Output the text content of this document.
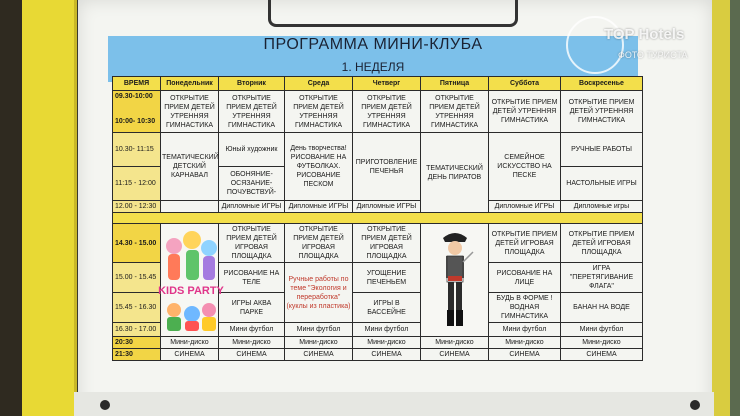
ПРОГРАММА МИНИ-КЛУБА
1. НЕДЕЛЯ
ВРЕМЯ	Понедельник	Вторник	Среда	Четверг	Пятница	Суббота	Воскресенье

09.30-10:00
10:00- 10:30	ОТКРЫТИЕ ПРИЕМ ДЕТЕЙ УТРЕННЯЯ ГИМНАСТИКА	ОТКРЫТИЕ ПРИЕМ ДЕТЕЙ УТРЕННЯЯ ГИМНАСТИКА	ОТКРЫТИЕ ПРИЕМ ДЕТЕЙ УТРЕННЯЯ ГИМНАСТИКА	ОТКРЫТИЕ ПРИЕМ ДЕТЕЙ УТРЕННЯЯ ГИМНАСТИКА	ОТКРЫТИЕ ПРИЕМ ДЕТЕЙ УТРЕННЯЯ ГИМНАСТИКА	ОТКРЫТИЕ ПРИЕМ ДЕТЕЙ УТРЕННЯЯ ГИМНАСТИКА	ОТКРЫТИЕ ПРИЕМ ДЕТЕЙ УТРЕННЯЯ ГИМНАСТИКА
10.30- 11:15	ТЕМАТИЧЕСКИЙ ДЕТСКИЙ КАРНАВАЛ	Юный художник	День творчества! РИСОВАНИЕ НА ФУТБОЛКАХ. РИСОВАНИЕ ПЕСКОМ	ПРИГОТОВЛЕНИЕ ПЕЧЕНЬЯ	ТЕМАТИЧЕСКИЙ ДЕНЬ ПИРАТОВ	СЕМЕЙНОЕ ИСКУССТВО НА ПЕСКЕ	РУЧНЫЕ РАБОТЫ
11:15 - 12:00		ОБОНЯНИЕ- ОСЯЗАНИЕ- ПОЧУВСТВУЙ-					НАСТОЛЬНЫЕ ИГРЫ
12.00 - 12:30		Дипломные ИГРЫ	Дипломные ИГРЫ	Дипломные ИГРЫ		Дипломные ИГРЫ	Дипломные игры

14.30 - 15.00	KIDS PARTY	ОТКРЫТИЕ ПРИЕМ ДЕТЕЙ ИГРОВАЯ ПЛОЩАДКА	ОТКРЫТИЕ ПРИЕМ ДЕТЕЙ ИГРОВАЯ ПЛОЩАДКА	ОТКРЫТИЕ ПРИЕМ ДЕТЕЙ ИГРОВАЯ ПЛОЩАДКА		ОТКРЫТИЕ ПРИЕМ ДЕТЕЙ ИГРОВАЯ ПЛОЩАДКА	ОТКРЫТИЕ ПРИЕМ ДЕТЕЙ ИГРОВАЯ ПЛОЩАДКА
15.00 - 15.45		РИСОВАНИЕ НА ТЕЛЕ	Ручные работы по теме "Экология и переработка" (куклы из пластика)	УГОЩЕНИЕ ПЕЧЕНЬЕМ		РИСОВАНИЕ НА ЛИЦЕ	ИГРА "ПЕРЕТЯГИВАНИЕ ФЛАГА"
15.45 - 16.30		ИГРЫ АКВА ПАРКЕ		ИГРЫ В БАССЕЙНЕ		БУДЬ В ФОРМЕ ! ВОДНАЯ ГИМНАСТИКА	БАНАН НА ВОДЕ
16.30 - 17.00		Мини футбол	Мини футбол	Мини футбол		Мини футбол	Мини футбол
20:30	Мини-диско	Мини-диско	Мини-диско	Мини-диско	Мини-диско	Мини-диско	Мини-диско
21:30	СИНЕМА	СИНЕМА	СИНЕМА	СИНЕМА	СИНЕМА	СИНЕМА	СИНЕМА
TOP Hotels
ФОТО ТУРИСТА
